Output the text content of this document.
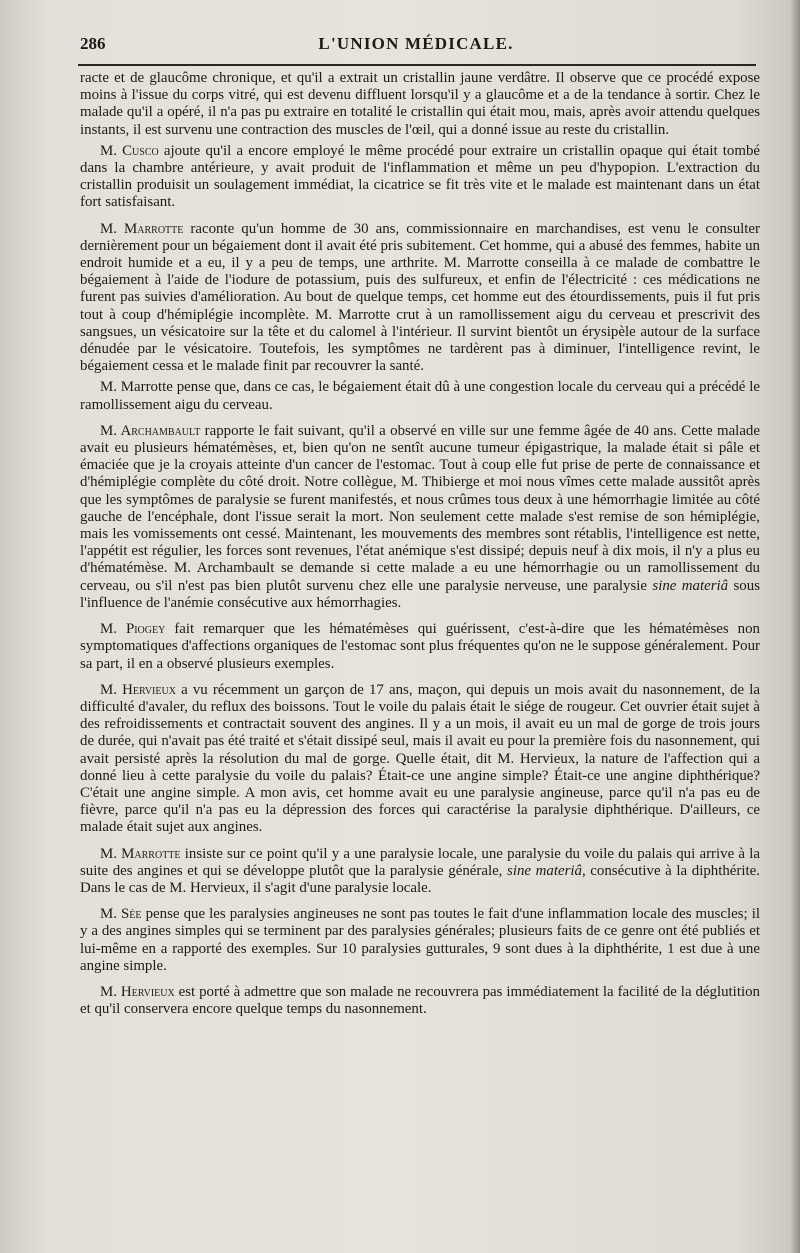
286	L'UNION MÉDICALE.

racte et de glaucôme chronique, et qu'il a extrait un cristallin jaune verdâtre. Il observe que ce procédé expose moins à l'issue du corps vitré, qui est devenu diffluent lorsqu'il y a glaucôme et a de la tendance à sortir. Chez le malade qu'il a opéré, il n'a pas pu extraire en totalité le cristallin qui était mou, mais, après avoir attendu quelques instants, il est survenu une contraction des muscles de l'œil, qui a donné issue au reste du cristallin.

M. Cusco ajoute qu'il a encore employé le même procédé pour extraire un cristallin opaque qui était tombé dans la chambre antérieure, y avait produit de l'inflammation et même un peu d'hypopion. L'extraction du cristallin produisit un soulagement immédiat, la cicatrice se fit très vite et le malade est maintenant dans un état fort satisfaisant.

M. Marrotte raconte qu'un homme de 30 ans, commissionnaire en marchandises, est venu le consulter dernièrement pour un bégaiement dont il avait été pris subitement. Cet homme, qui a abusé des femmes, habite un endroit humide et a eu, il y a peu de temps, une arthrite. M. Marrotte conseilla à ce malade de combattre le bégaiement à l'aide de l'iodure de potassium, puis des sulfureux, et enfin de l'électricité : ces médications ne furent pas suivies d'amélioration. Au bout de quelque temps, cet homme eut des étourdissements, puis il fut pris tout à coup d'hémiplégie incomplète. M. Marrotte crut à un ramollissement aigu du cerveau et prescrivit des sangsues, un vésicatoire sur la tête et du calomel à l'intérieur. Il survint bientôt un érysipèle autour de la surface dénudée par le vésicatoire. Toutefois, les symptômes ne tardèrent pas à diminuer, l'intelligence revint, le bégaiement cessa et le malade finit par recouvrer la santé.

M. Marrotte pense que, dans ce cas, le bégaiement était dû à une congestion locale du cerveau qui a précédé le ramollissement aigu du cerveau.

M. Archambault rapporte le fait suivant, qu'il a observé en ville sur une femme âgée de 40 ans. Cette malade avait eu plusieurs hématémèses, et, bien qu'on ne sentît aucune tumeur épigastrique, la malade était si pâle et émaciée que je la croyais atteinte d'un cancer de l'estomac. Tout à coup elle fut prise de perte de connaissance et d'hémiplégie complète du côté droit. Notre collègue, M. Thibierge et moi nous vîmes cette malade aussitôt après que les symptômes de paralysie se furent manifestés, et nous crûmes tous deux à une hémorrhagie limitée au côté gauche de l'encéphale, dont l'issue serait la mort. Non seulement cette malade s'est remise de son hémiplégie, mais les vomissements ont cessé. Maintenant, les mouvements des membres sont rétablis, l'intelligence est nette, l'appétit est régulier, les forces sont revenues, l'état anémique s'est dissipé; depuis neuf à dix mois, il n'y a plus eu d'hématémèse. M. Archambault se demande si cette malade a eu une hémorrhagie ou un ramollissement du cerveau, ou s'il n'est pas bien plutôt survenu chez elle une paralysie nerveuse, une paralysie sine materiâ sous l'influence de l'anémie consécutive aux hémorrhagies.

M. Piogey fait remarquer que les hématémèses qui guérissent, c'est-à-dire que les hématémèses non symptomatiques d'affections organiques de l'estomac sont plus fréquentes qu'on ne le suppose généralement. Pour sa part, il en a observé plusieurs exemples.

M. Hervieux a vu récemment un garçon de 17 ans, maçon, qui depuis un mois avait du nasonnement, de la difficulté d'avaler, du reflux des boissons. Tout le voile du palais était le siége de rougeur. Cet ouvrier était sujet à des refroidissements et contractait souvent des angines. Il y a un mois, il avait eu un mal de gorge de trois jours de durée, qui n'avait pas été traité et s'était dissipé seul, mais il avait eu pour la première fois du nasonnement, qui avait persisté après la résolution du mal de gorge. Quelle était, dit M. Hervieux, la nature de l'affection qui a donné lieu à cette paralysie du voile du palais? Était-ce une angine simple? Était-ce une angine diphthérique? C'était une angine simple. A mon avis, cet homme avait eu une paralysie angineuse, parce qu'il n'a pas eu de fièvre, parce qu'il n'a pas eu la dépression des forces qui caractérise la paralysie diphthérique. D'ailleurs, ce malade était sujet aux angines.

M. Marrotte insiste sur ce point qu'il y a une paralysie locale, une paralysie du voile du palais qui arrive à la suite des angines et qui se développe plutôt que la paralysie générale, sine materiâ, consécutive à la diphthérite. Dans le cas de M. Hervieux, il s'agit d'une paralysie locale.

M. Sée pense que les paralysies angineuses ne sont pas toutes le fait d'une inflammation locale des muscles; il y a des angines simples qui se terminent par des paralysies générales; plusieurs faits de ce genre ont été publiés et lui-même en a rapporté des exemples. Sur 10 paralysies gutturales, 9 sont dues à la diphthérite, 1 est due à une angine simple.

M. Hervieux est porté à admettre que son malade ne recouvrera pas immédiatement la facilité de la déglutition et qu'il conservera encore quelque temps du nasonnement.
